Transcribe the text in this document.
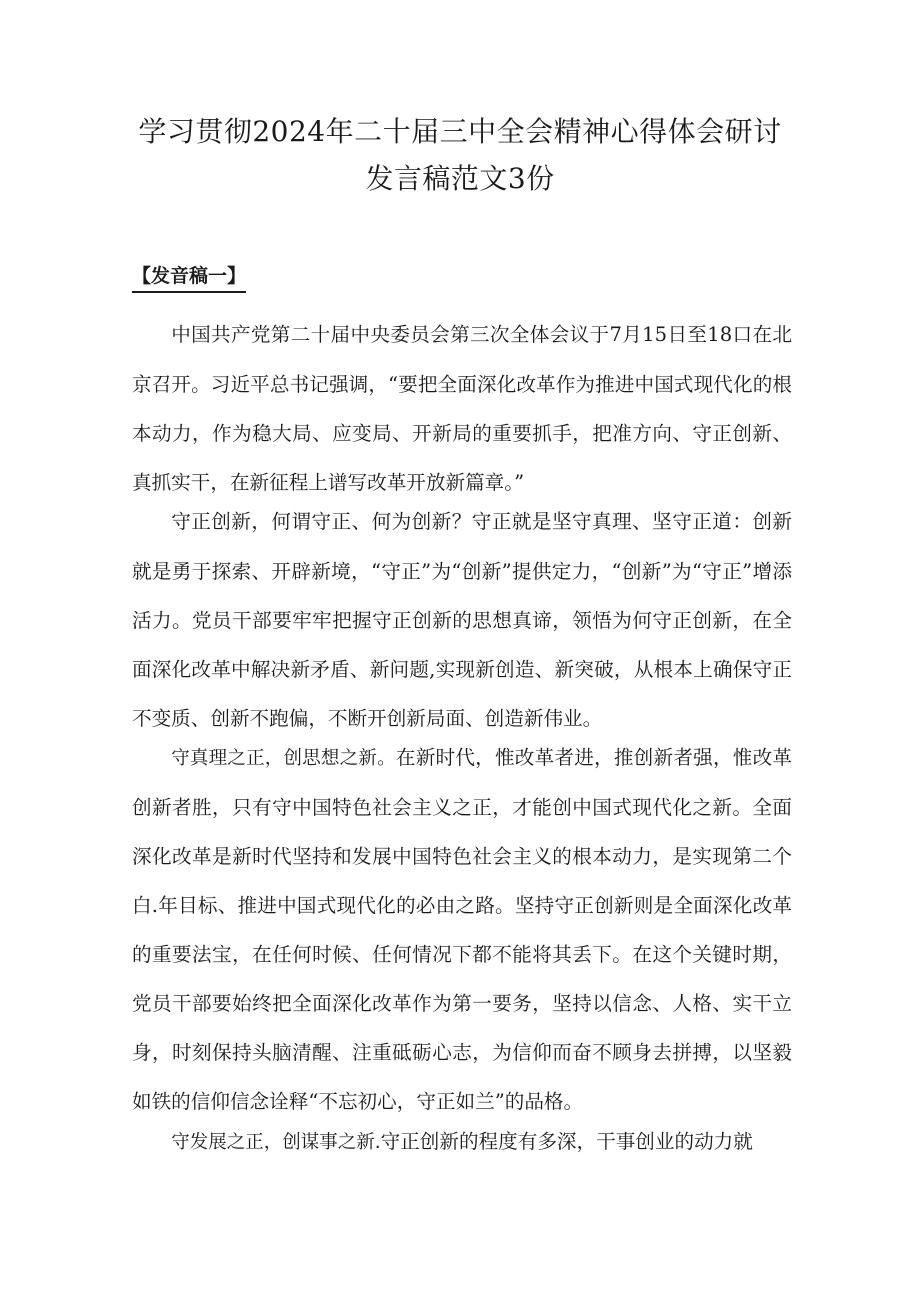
学习贯彻2024年二十届三中全会精神心得体会研讨
发言稿范文3份
【发音稿一】

中国共产党第二十届中央委员会第三次全体会议于7月15日至18口在北京召开。习近平总书记强调，“要把全面深化改革作为推进中国式现代化的根本动力，作为稳大局、应变局、开新局的重要抓手，把准方向、守正创新、真抓实干，在新征程上谱写改革开放新篇章。”

守正创新，何谓守正、何为创新？守正就是坚守真理、坚守正道：创新就是勇于探索、开辟新境，“守正”为“创新”提供定力，“创新”为“守正”增添活力。党员干部要牢牢把握守正创新的思想真谛，领悟为何守正创新，在全面深化改革中解决新矛盾、新问题,实现新创造、新突破，从根本上确保守正不变质、创新不跑偏，不断开创新局面、创造新伟业。

守真理之正，创思想之新。在新时代，惟改革者进，推创新者强，惟改革创新者胜，只有守中国特色社会主义之正，才能创中国式现代化之新。全面深化改革是新时代坚持和发展中国特色社会主义的根本动力，是实现第二个白.年目标、推进中国式现代化的必由之路。坚持守正创新则是全面深化改革的重要法宝，在任何时候、任何情况下都不能将其丢下。在这个关键时期，党员干部要始终把全面深化改革作为第一要务，坚持以信念、人格、实干立身，时刻保持头脑清醒、注重砥砺心志，为信仰而奋不顾身去拼搏，以坚毅如铁的信仰信念诠释“不忘初心，守正如兰”的品格。

守发展之正，创谋事之新.守正创新的程度有多深，干事创业的动力就
